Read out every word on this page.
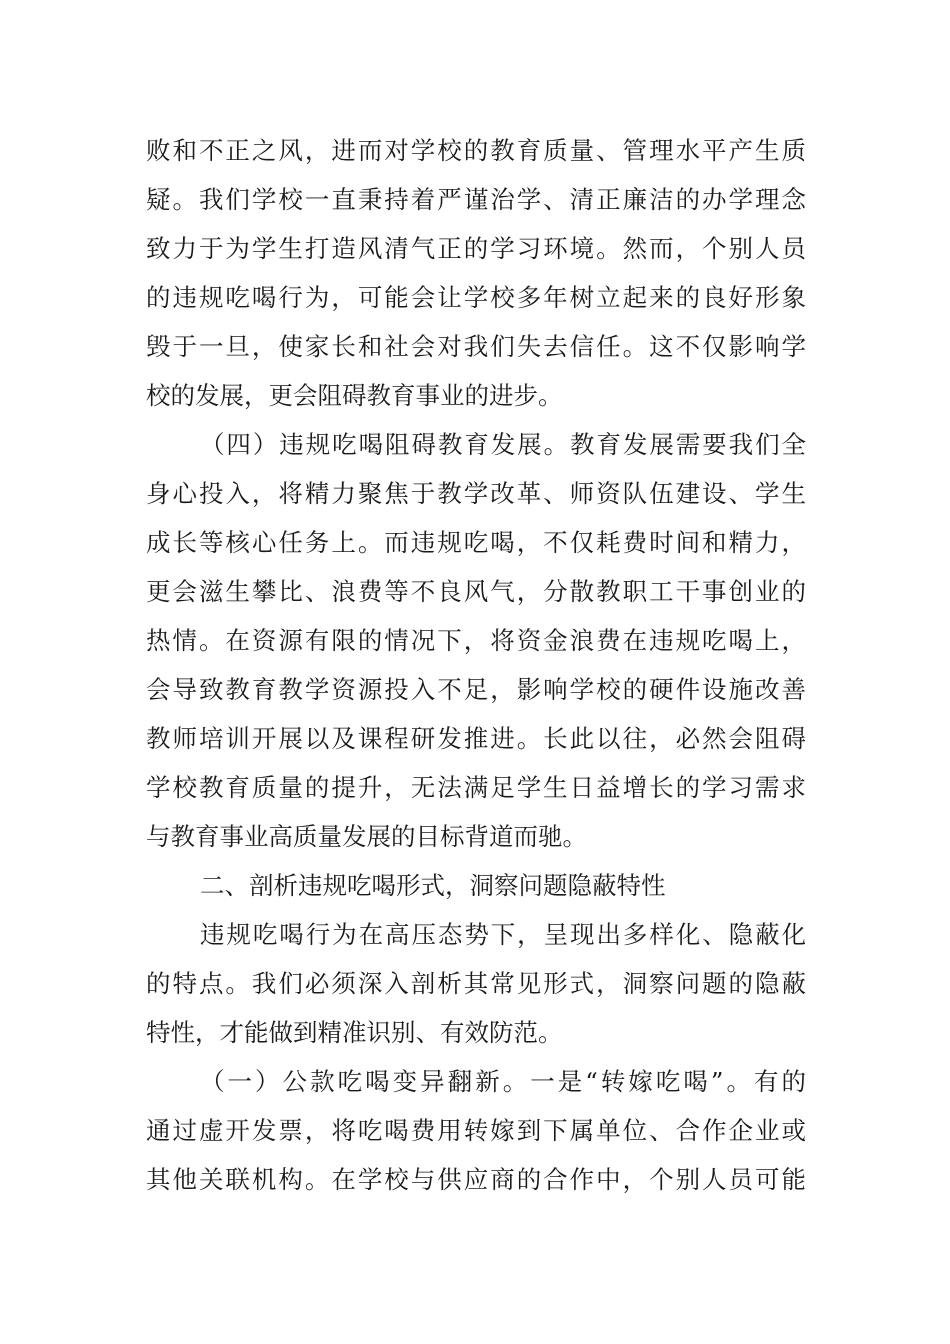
败和不正之风，进而对学校的教育质量、管理水平产生质
疑。我们学校一直秉持着严谨治学、清正廉洁的办学理念
致力于为学生打造风清气正的学习环境。然而，个别人员
的违规吃喝行为，可能会让学校多年树立起来的良好形象
毁于一旦，使家长和社会对我们失去信任。这不仅影响学
校的发展，更会阻碍教育事业的进步。
（四）违规吃喝阻碍教育发展。教育发展需要我们全
身心投入，将精力聚焦于教学改革、师资队伍建设、学生
成长等核心任务上。而违规吃喝，不仅耗费时间和精力，
更会滋生攀比、浪费等不良风气，分散教职工干事创业的
热情。在资源有限的情况下，将资金浪费在违规吃喝上，
会导致教育教学资源投入不足，影响学校的硬件设施改善
教师培训开展以及课程研发推进。长此以往，必然会阻碍
学校教育质量的提升，无法满足学生日益增长的学习需求
与教育事业高质量发展的目标背道而驰。
二、剖析违规吃喝形式，洞察问题隐蔽特性
违规吃喝行为在高压态势下，呈现出多样化、隐蔽化
的特点。我们必须深入剖析其常见形式，洞察问题的隐蔽
特性，才能做到精准识别、有效防范。
（一）公款吃喝变异翻新。一是“转嫁吃喝”。有的
通过虚开发票，将吃喝费用转嫁到下属单位、合作企业或
其他关联机构。在学校与供应商的合作中，个别人员可能
